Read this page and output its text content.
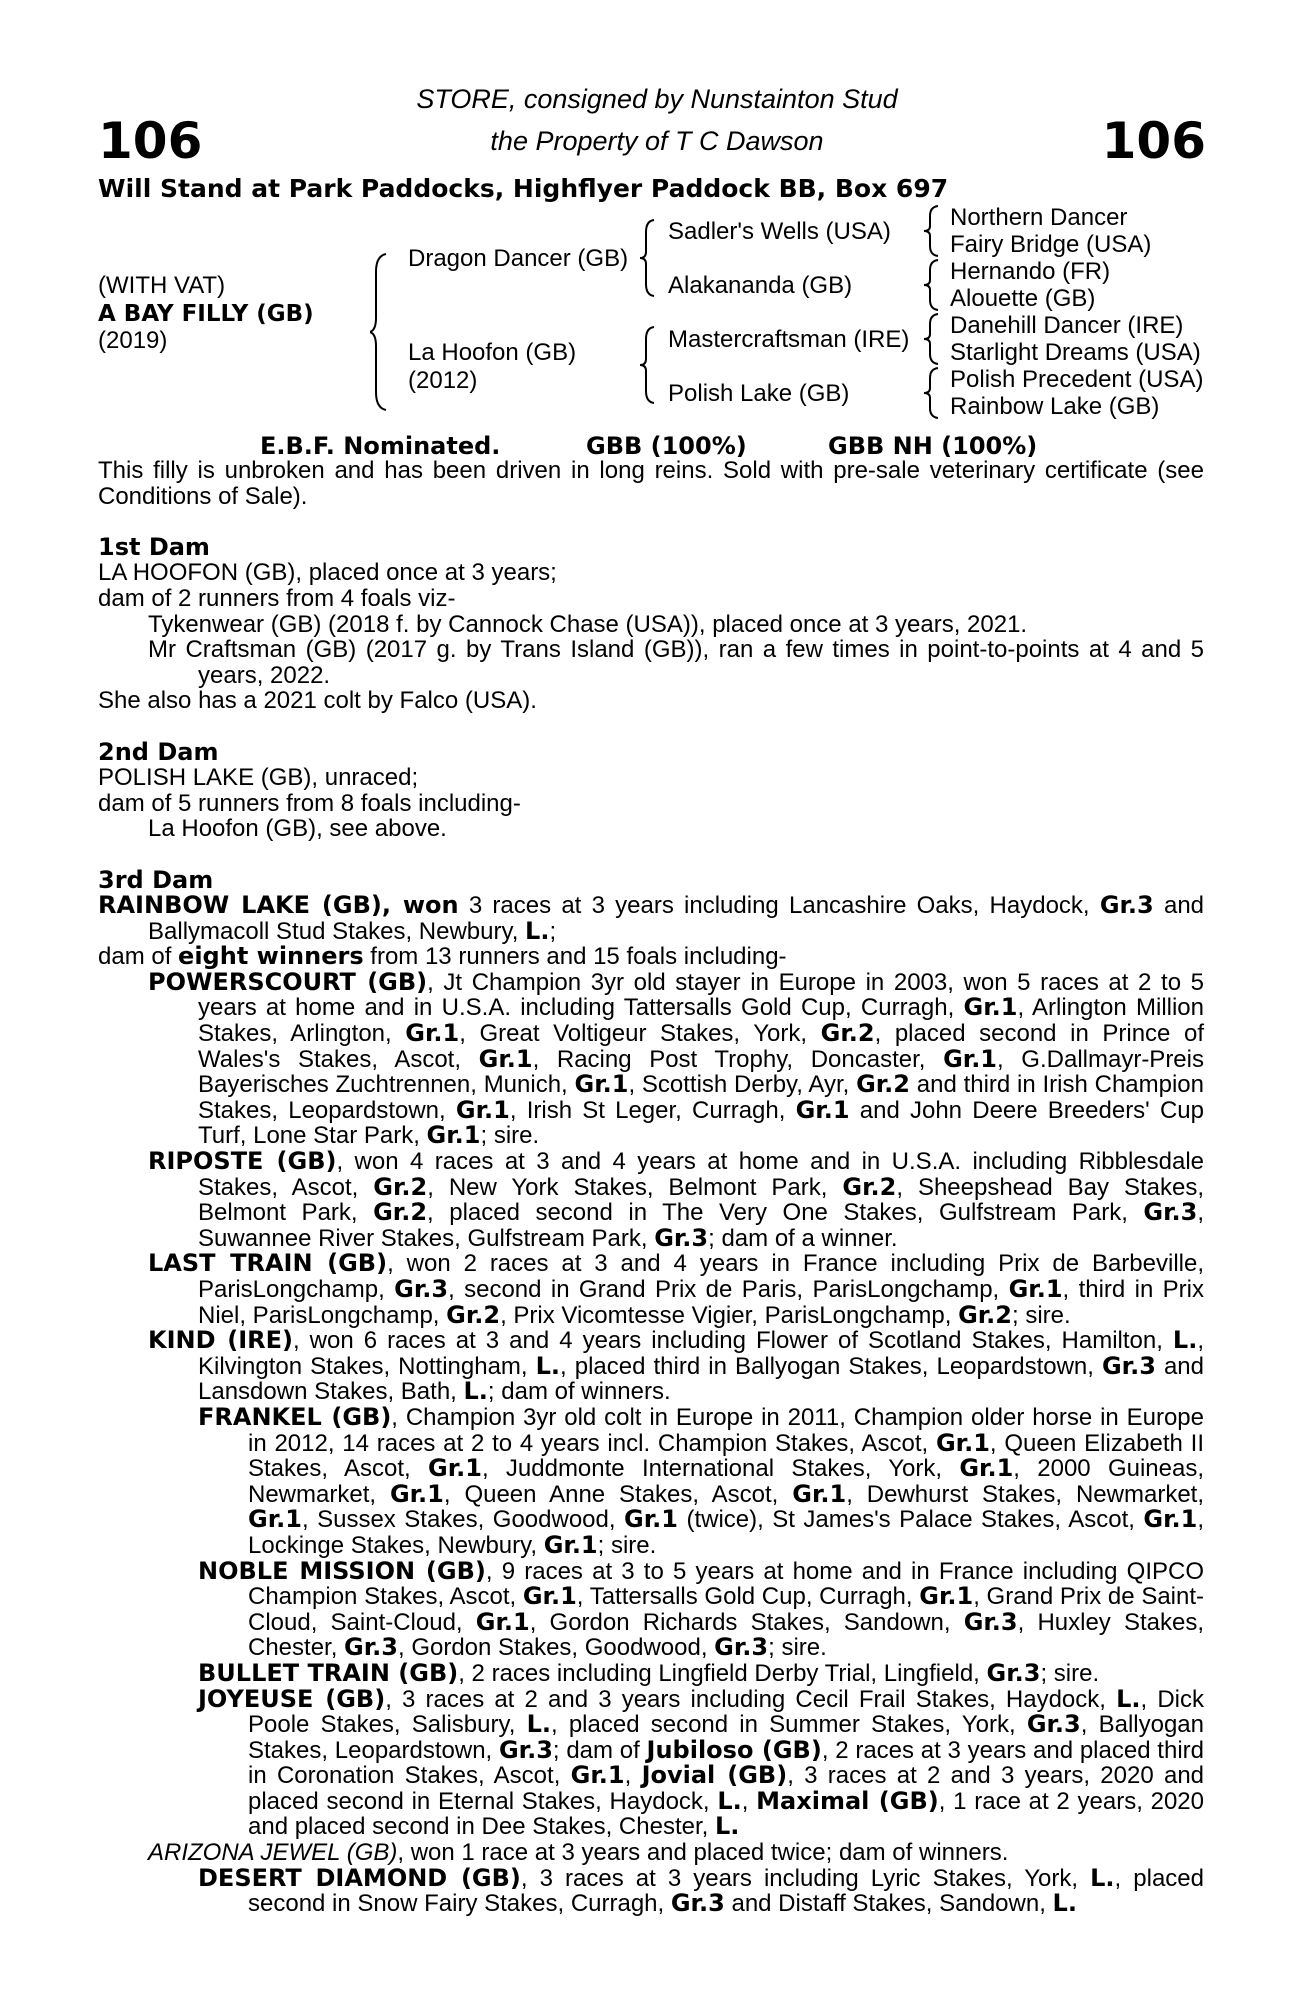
106	106
STORE, consigned by Nunstainton Stud
the Property of T C Dawson
Will Stand at Park Paddocks, Highflyer Paddock BB, Box 697
(WITH VAT)
A BAY FILLY (GB)
(2019)
Dragon Dancer (GB)
La Hoofon (GB)
(2012)
Sadler's Wells (USA)
Alakananda (GB)
Mastercraftsman (IRE)
Polish Lake (GB)
Northern Dancer
Fairy Bridge (USA)
Hernando (FR)
Alouette (GB)
Danehill Dancer (IRE)
Starlight Dreams (USA)
Polish Precedent (USA)
Rainbow Lake (GB)
E.B.F. Nominated.	GBB (100%)	GBB NH (100%)

This filly is unbroken and has been driven in long reins. Sold with pre-sale veterinary certificate (see Conditions of Sale).

1st Dam

LA HOOFON (GB), placed once at 3 years;

dam of 2 runners from 4 foals viz-

Tykenwear (GB) (2018 f. by Cannock Chase (USA)), placed once at 3 years, 2021.

Mr Craftsman (GB) (2017 g. by Trans Island (GB)), ran a few times in point-to-points at 4 and 5 years, 2022.

She also has a 2021 colt by Falco (USA).

2nd Dam

POLISH LAKE (GB), unraced;

dam of 5 runners from 8 foals including-

La Hoofon (GB), see above.

3rd Dam

RAINBOW LAKE (GB), won 3 races at 3 years including Lancashire Oaks, Haydock, Gr.3 and Ballymacoll Stud Stakes, Newbury, L.;

dam of eight winners from 13 runners and 15 foals including-

POWERSCOURT (GB), Jt Champion 3yr old stayer in Europe in 2003, won 5 races at 2 to 5 years at home and in U.S.A. including Tattersalls Gold Cup, Curragh, Gr.1, Arlington Million Stakes, Arlington, Gr.1, Great Voltigeur Stakes, York, Gr.2, placed second in Prince of Wales's Stakes, Ascot, Gr.1, Racing Post Trophy, Doncaster, Gr.1, G.Dallmayr-Preis Bayerisches Zuchtrennen, Munich, Gr.1, Scottish Derby, Ayr, Gr.2 and third in Irish Champion Stakes, Leopardstown, Gr.1, Irish St Leger, Curragh, Gr.1 and John Deere Breeders' Cup Turf, Lone Star Park, Gr.1; sire.

RIPOSTE (GB), won 4 races at 3 and 4 years at home and in U.S.A. including Ribblesdale Stakes, Ascot, Gr.2, New York Stakes, Belmont Park, Gr.2, Sheepshead Bay Stakes, Belmont Park, Gr.2, placed second in The Very One Stakes, Gulfstream Park, Gr.3, Suwannee River Stakes, Gulfstream Park, Gr.3; dam of a winner.

LAST TRAIN (GB), won 2 races at 3 and 4 years in France including Prix de Barbeville, ParisLongchamp, Gr.3, second in Grand Prix de Paris, ParisLongchamp, Gr.1, third in Prix Niel, ParisLongchamp, Gr.2, Prix Vicomtesse Vigier, ParisLongchamp, Gr.2; sire.

KIND (IRE), won 6 races at 3 and 4 years including Flower of Scotland Stakes, Hamilton, L., Kilvington Stakes, Nottingham, L., placed third in Ballyogan Stakes, Leopardstown, Gr.3 and Lansdown Stakes, Bath, L.; dam of winners.

FRANKEL (GB), Champion 3yr old colt in Europe in 2011, Champion older horse in Europe in 2012, 14 races at 2 to 4 years incl. Champion Stakes, Ascot, Gr.1, Queen Elizabeth II Stakes, Ascot, Gr.1, Juddmonte International Stakes, York, Gr.1, 2000 Guineas, Newmarket, Gr.1, Queen Anne Stakes, Ascot, Gr.1, Dewhurst Stakes, Newmarket, Gr.1, Sussex Stakes, Goodwood, Gr.1 (twice), St James's Palace Stakes, Ascot, Gr.1, Lockinge Stakes, Newbury, Gr.1; sire.

NOBLE MISSION (GB), 9 races at 3 to 5 years at home and in France including QIPCO Champion Stakes, Ascot, Gr.1, Tattersalls Gold Cup, Curragh, Gr.1, Grand Prix de Saint-Cloud, Saint-Cloud, Gr.1, Gordon Richards Stakes, Sandown, Gr.3, Huxley Stakes, Chester, Gr.3, Gordon Stakes, Goodwood, Gr.3; sire.

BULLET TRAIN (GB), 2 races including Lingfield Derby Trial, Lingfield, Gr.3; sire.

JOYEUSE (GB), 3 races at 2 and 3 years including Cecil Frail Stakes, Haydock, L., Dick Poole Stakes, Salisbury, L., placed second in Summer Stakes, York, Gr.3, Ballyogan Stakes, Leopardstown, Gr.3; dam of Jubiloso (GB), 2 races at 3 years and placed third in Coronation Stakes, Ascot, Gr.1, Jovial (GB), 3 races at 2 and 3 years, 2020 and placed second in Eternal Stakes, Haydock, L., Maximal (GB), 1 race at 2 years, 2020 and placed second in Dee Stakes, Chester, L.

ARIZONA JEWEL (GB), won 1 race at 3 years and placed twice; dam of winners.

DESERT DIAMOND (GB), 3 races at 3 years including Lyric Stakes, York, L., placed second in Snow Fairy Stakes, Curragh, Gr.3 and Distaff Stakes, Sandown, L.
